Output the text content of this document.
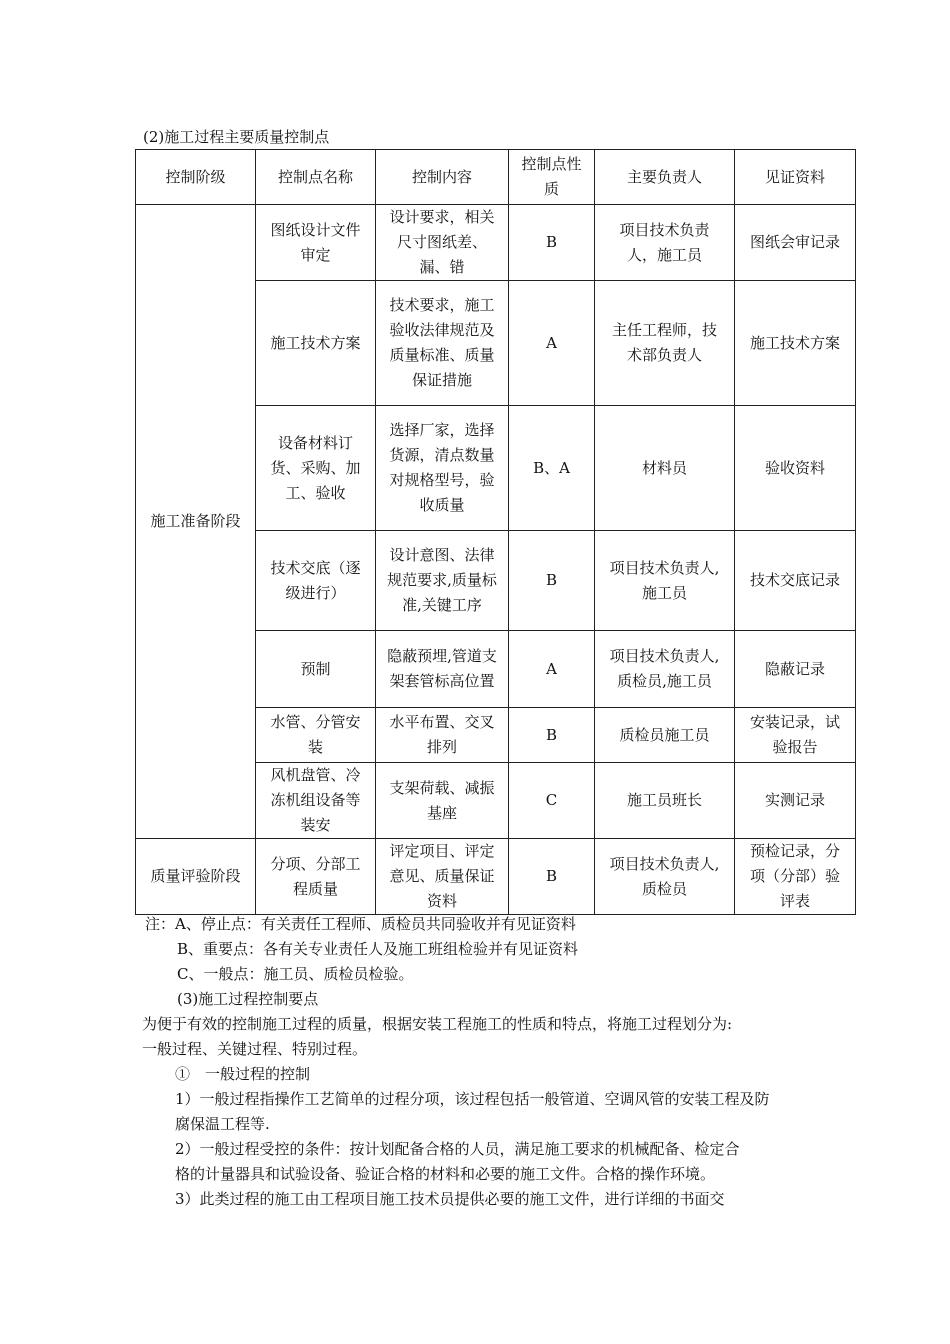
(2)施工过程主要质量控制点
控制阶级	控制点名称	控制内容	控制点性质	主要负责人	见证资料
施工准备阶段	图纸设计文件审定	设计要求，相关尺寸图纸差、漏、错	B	项目技术负责人，施工员	图纸会审记录
	施工技术方案	技术要求，施工验收法律规范及质量标准、质量保证措施	A	主任工程师，技术部负责人	施工技术方案
	设备材料订货、采购、加工、验收	选择厂家，选择货源，清点数量对规格型号，验收质量	B、A	材料员	验收资料
	技术交底（逐级进行）	设计意图、法律规范要求,质量标准,关键工序	B	项目技术负责人,施工员	技术交底记录
	预制	隐蔽预埋,管道支架套管标高位置	A	项目技术负责人,质检员,施工员	隐蔽记录
	水管、分管安装	水平布置、交叉排列	B	质检员施工员	安装记录，试验报告
	风机盘管、冷冻机组设备等装安	支架荷载、减振基座	C	施工员班长	实测记录
质量评验阶段	分项、分部工程质量	评定项目、评定意见、质量保证资料	B	项目技术负责人,质检员	预检记录，分项（分部）验评表
注：A、停止点：有关责任工程师、质检员共同验收并有见证资料
B、重要点：各有关专业责任人及施工班组检验并有见证资料
C、一般点：施工员、质检员检验。
(3)施工过程控制要点
为便于有效的控制施工过程的质量，根据安装工程施工的性质和特点，将施工过程划分为:
一般过程、关键过程、特别过程。
①　一般过程的控制
1）一般过程指操作工艺简单的过程分项，该过程包括一般管道、空调风管的安装工程及防
腐保温工程等.
2）一般过程受控的条件：按计划配备合格的人员，满足施工要求的机械配备、检定合
格的计量器具和试验设备、验证合格的材料和必要的施工文件。合格的操作环境。
3）此类过程的施工由工程项目施工技术员提供必要的施工文件，进行详细的书面交
